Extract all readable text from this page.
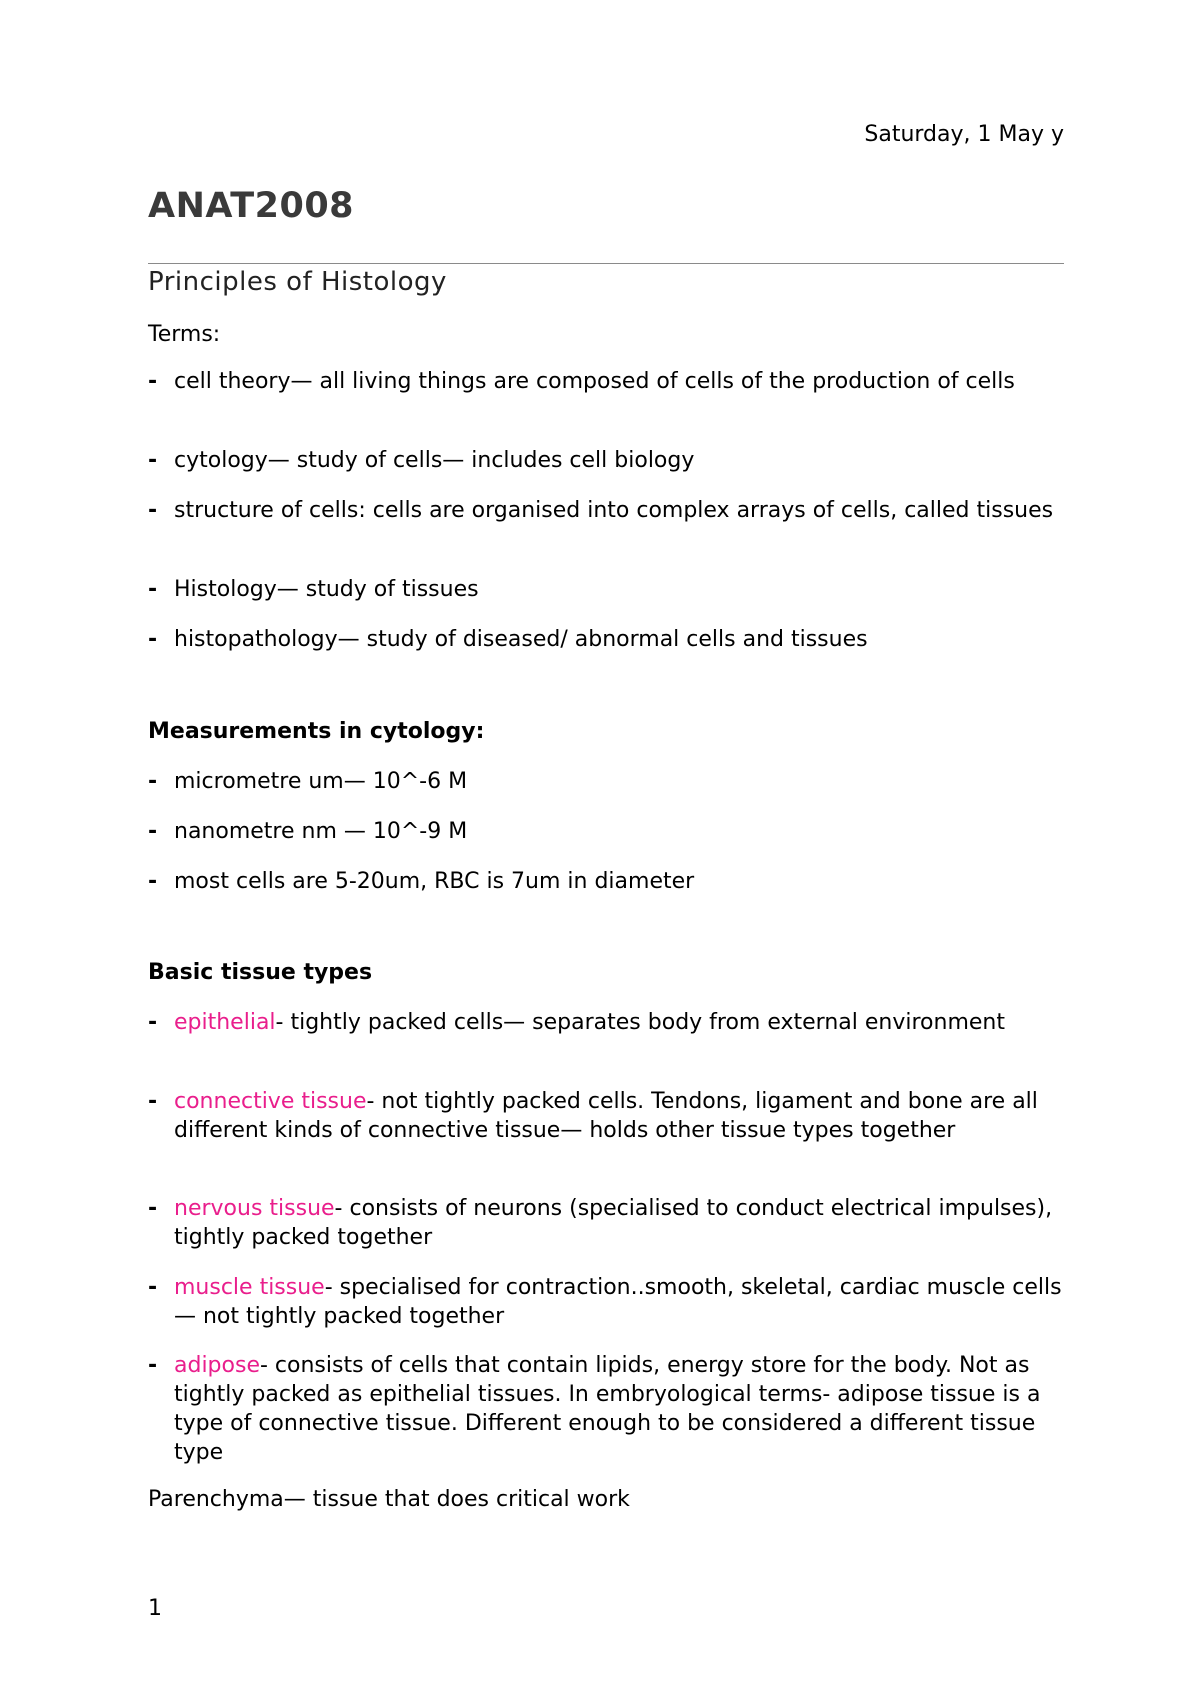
Saturday, 1 May y
ANAT2008
Principles of Histology
Terms:
- cell theory— all living things are composed of cells of the production of cells
- cytology— study of cells— includes cell biology
- structure of cells: cells are organised into complex arrays of cells, called tissues
- Histology— study of tissues
- histopathology— study of diseased/ abnormal cells and tissues
Measurements in cytology:
- micrometre um— 10^-6 M
- nanometre nm — 10^-9 M
- most cells are 5-20um, RBC is 7um in diameter
Basic tissue types
- epithelial- tightly packed cells— separates body from external environment
- connective tissue- not tightly packed cells. Tendons, ligament and bone are all different kinds of connective tissue— holds other tissue types together
- nervous tissue- consists of neurons (specialised to conduct electrical impulses), tightly packed together
- muscle tissue- specialised for contraction..smooth, skeletal, cardiac muscle cells— not tightly packed together
- adipose- consists of cells that contain lipids, energy store for the body. Not as tightly packed as epithelial tissues. In embryological terms- adipose tissue is a type of connective tissue. Different enough to be considered a different tissue type
Parenchyma— tissue that does critical work
1
